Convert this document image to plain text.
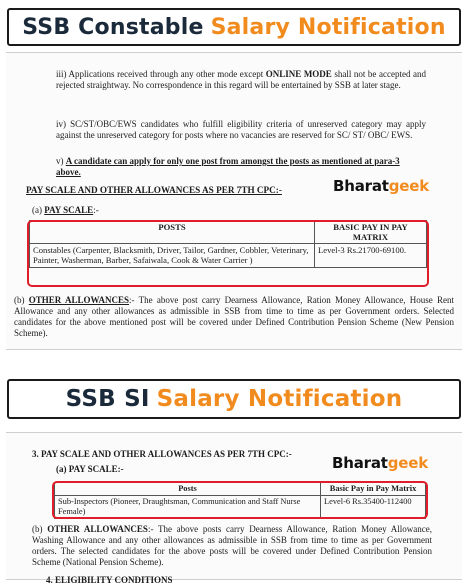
SSB Constable Salary Notification

iii) Applications received through any other mode except ONLINE MODE shall not be accepted and rejected straightway. No correspondence in this regard will be entertained by SSB at later stage.

iv) SC/ST/OBC/EWS candidates who fulfill eligibility criteria of unreserved category may apply against the unreserved category for posts where no vacancies are reserved for SC/ ST/ OBC/ EWS.

v) A candidate can apply for only one post from amongst the posts as mentioned at para-3 above.

PAY SCALE AND OTHER ALLOWANCES AS PER 7TH CPC:-	Bharatgeek

(a) PAY SCALE:-

POSTS	BASIC PAY IN PAY MATRIX
Constables (Carpenter, Blacksmith, Driver, Tailor, Gardner, Cobbler, Veterinary, Painter, Washerman, Barber, Safaiwala, Cook & Water Carrier )	Level-3 Rs.21700-69100.

(b) OTHER ALLOWANCES:- The above post carry Dearness Allowance, Ration Money Allowance, House Rent Allowance and any other allowances as admissible in SSB from time to time as per Government orders. Selected candidates for the above mentioned post will be covered under Defined Contribution Pension Scheme (New Pension Scheme).

SSB SI Salary Notification

3. PAY SCALE AND OTHER ALLOWANCES AS PER 7TH CPC:-	Bharatgeek

(a) PAY SCALE:-

Posts	Basic Pay in Pay Matrix
Sub-Inspectors (Pioneer, Draughtsman, Communication and Staff Nurse Female)	Level-6 Rs.35400-112400

(b) OTHER ALLOWANCES:- The above posts carry Dearness Allowance, Ration Money Allowance, Washing Allowance and any other allowances as admissible in SSB from time to time as per Government orders. The selected candidates for the above posts will be covered under Defined Contribution Pension Scheme (National Pension Scheme).

4. ELIGIBILITY CONDITIONS
